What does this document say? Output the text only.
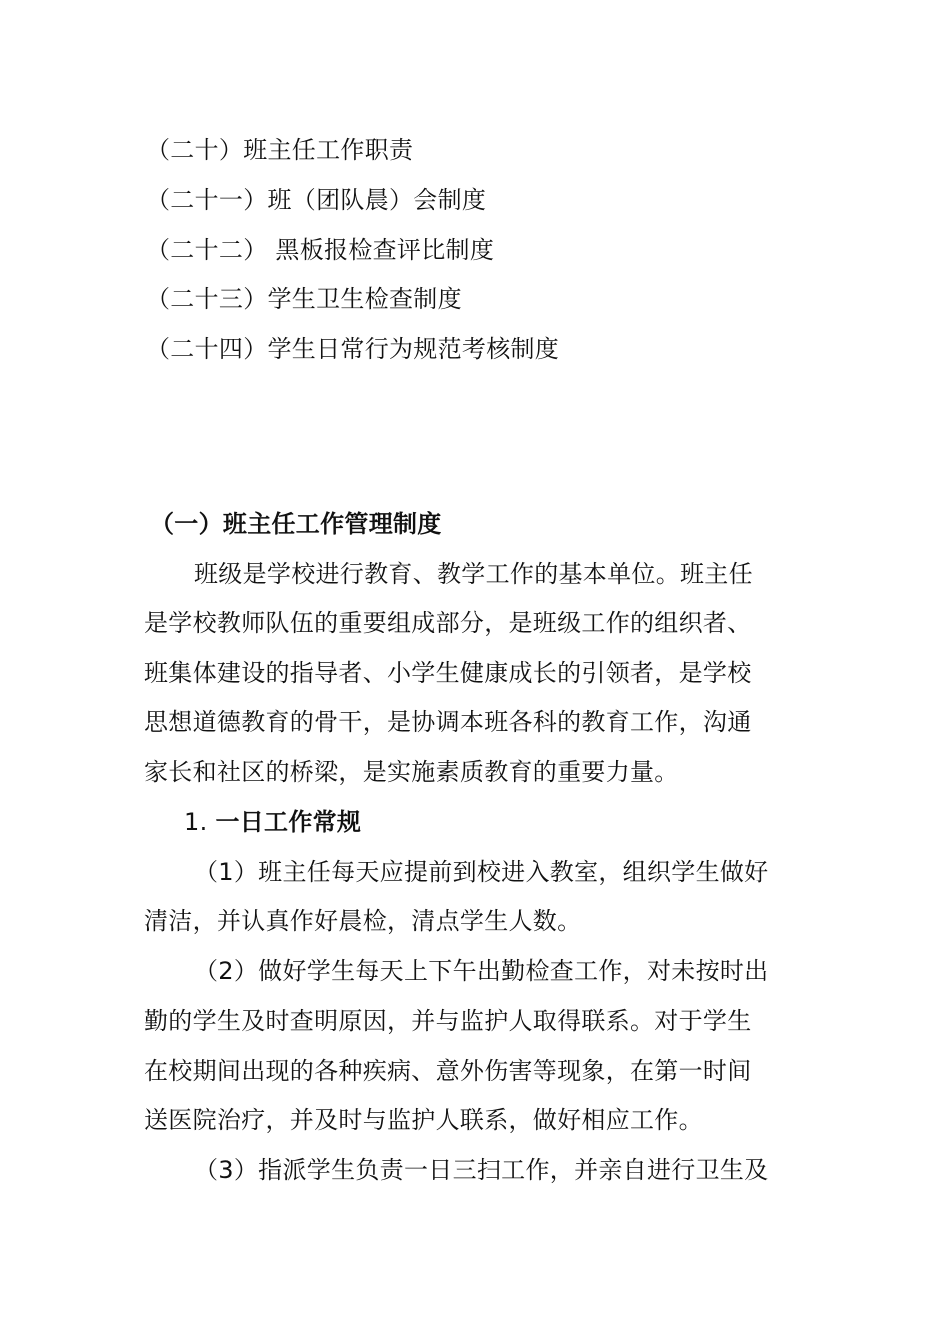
（二十）班主任工作职责
（二十一）班（团队晨）会制度
（二十二） 黑板报检查评比制度
（二十三）学生卫生检查制度
（二十四）学生日常行为规范考核制度
（一）班主任工作管理制度
班级是学校进行教育、教学工作的基本单位。班主任
是学校教师队伍的重要组成部分，是班级工作的组织者、
班集体建设的指导者、小学生健康成长的引领者，是学校
思想道德教育的骨干，是协调本班各科的教育工作，沟通
家长和社区的桥梁，是实施素质教育的重要力量。
1. 一日工作常规
（1）班主任每天应提前到校进入教室，组织学生做好
清洁，并认真作好晨检，清点学生人数。
（2）做好学生每天上下午出勤检查工作，对未按时出
勤的学生及时查明原因，并与监护人取得联系。对于学生
在校期间出现的各种疾病、意外伤害等现象，在第一时间
送医院治疗，并及时与监护人联系，做好相应工作。
（3）指派学生负责一日三扫工作，并亲自进行卫生及
